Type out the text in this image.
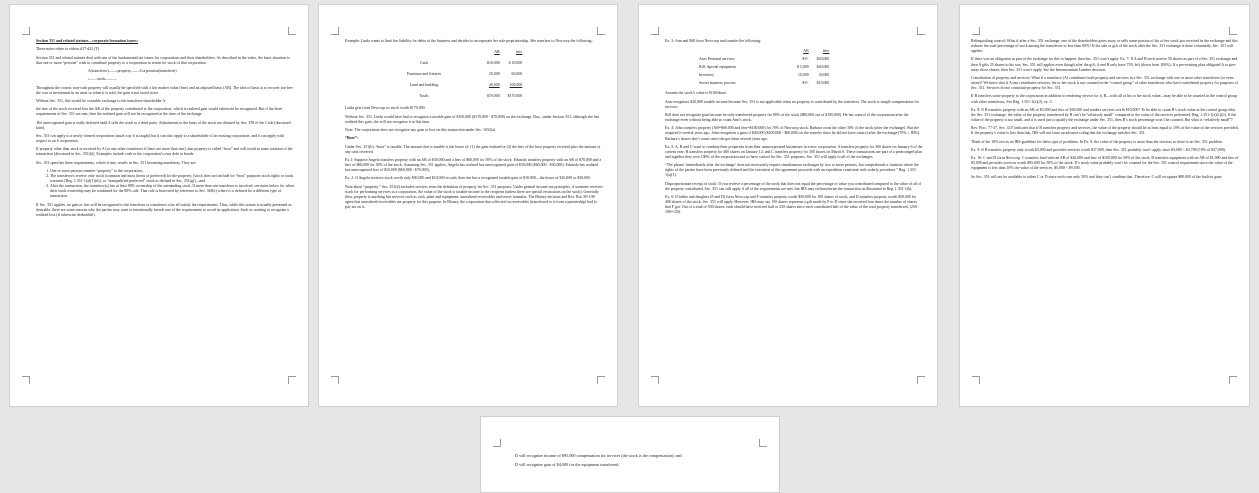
Section 351 and related statutes—corporate formation issues:

These notes relate to videos #17-#22 (T)

Section 351 and related statutes deal with one of the fundamental tax issues for corporations and their shareholders. As described in the video, the basic situation is that one or more “persons” wish to contribute property to a corporation in return for stock of that corporation.

A(transferor)——›property——›Corporation(transferee)

‹——stock———

Throughout the course, non-cash property will usually be specified with a fair market value (fmv) and an adjusted basis (AB). The idea of basis is to recover tax-free the cost or investment in an asset so when it is sold, the gain is not taxed twice.

Without Sec. 351, this would be a taxable exchange to the transferor-shareholder A:

the fmv of the stock received less the AB of the property contributed to the corporation, which is realized gain would otherwise be recognized. But if the three requirements of Sec. 351 are met, then the realized gain will not be recognized at the time of the exchange.

The unrecognized gain is really deferred until A sells the stock to a third party. Adjustments to the basis of the stock are dictated by Sec. 358 of the Code [discussed later].

Sec. 351 can apply to a newly formed corporation (usual way it is taught) but it can also apply to a shareholder of an existing corporation, and it can apply with respect to an S corporation.

If property other than stock is received by A (or any other transferors if there are more than one), that property is called “boot” and will result in some taxation of the transaction [discussed in Sec. 351(b)]. Examples include cash or the corporation’s own debt or bonds.

Sec. 351 specifies three requirements, which if met, results in Sec. 351 becoming mandatory. They are:

1. One or more persons transfer “property” to the corporation;
2. The transferor/s receive only stock (common and most forms of preferred) for the property; [stock does not include for “boot” purposes stock rights or stock warrants (Reg. 1.351-1(a)(1)(ii)), or “nonqualified preferred” stock as defined in Sec. 351(g)]—and
3. After the transaction, the transferor(s) has at least 80% ownership of the outstanding stock. If more than one transferor is involved, see notes below for when their stock ownership may be combined for the 80% rule. That rule is borrowed by reference to Sec. 368(c) where it is defined for a different type of transaction.

If Sec. 351 applies, no gain or loss will be recognized to the transferor or transferors who all satisfy the requirements. Thus, while this statute is usually presented as desirable, there are some reasons why the parties may want to intentionally breach one of the requirements to avoid its application. Such as wanting to recognize a realized loss (if otherwise deductible).

Example: Linda wants to limit her liability for debts of the business and decides to incorporate her sole proprietorship. She transfers to Newcorp the following:

	AB	fmv
Cash	$10,000	$ 10,000
Furniture and fixtures	20,000	60,000
Land and building	40,000	100,000
Totals	$70,000	$170,000

Linda gets from Newcorp its stock worth $170,000.

Without Sec. 351, Linda would have had to recognize a taxable gain of $100,000 ($170,000 - $70,000) on the exchange. But—under Section 351, although she has realized this gain, she will not recognize it at this time.

Note: The corporation does not recognize any gain or loss on this transaction under Sec. 1032(a).

“Boot”:

Under Sec. 351(b), “boot” is taxable. The amount that is taxable is the lesser of: (1) the gain realized or (2) the fmv of the boot property received plus the amount of any cash received.

Ex.1: Suppose Angela transfers property with an AB of $30,000 and a fmv of $60,000 for 50% of the stock. Eduardo transfers property with an AB of $70,000 and a fmv of $60,000 for 50% of the stock. Assuming Sec. 351 applies, Angela has realized but unrecognized gain of $30,000 ($60,000 - $30,000). Eduardo has realized but unrecognized loss of $10,000 ($60,000 - $70,000).

Ex. 2: If Angela receives stock worth only $50,000 and $10,000 in cash, then she has a recognized taxable gain of $10,000—the lesser of $10,000 or $30,000.

Note about “property:” Sec. 351(d) excludes services from the definition of property for Sec. 351 purposes. Under general income tax principles, if someone receives stock for performing services to a corporation, the value of the stock is taxable income to the recipient (unless there are special restrictions on the stock). Generally then, property is anything but services such as cash, plant and equipment, unrealized receivables and secret formulas. The Blonzy decision and Rev. Rul. 80-198 agree that unrealized receivables are property for this purpose. In Blonzy, the corporation that collected on receivables (transferred to it from a partnership) had to pay tax on it.

Ex. 3: Ann and Bill form Newcorp and transfer the following:

	AB	fmv
Ann: Personal services	$-0-	$20,000
Bill: Special equipment	$ 5,000	$40,000
Inventory	10,000	30,000
Secret business process	$-0-	$10,000

Assume the stock’s value is $100/share.

Ann recognizes $20,000 taxable income because Sec. 351 is not applicable when no property is contributed by the transferor. The stock is simple compensation for services.

Bill does not recognize gain because he only transferred property for 80% of the stock ($80,000 out of $100,000). He has control of the corporation after the exchange even without being able to count Ann’s stock.

Ex. 4: John transfers property (AB=$60,000 and fmv=$100,000) for 70% of Newcorp stock. Barbara owns the other 30% of the stock (after the exchange). But she acquired it several years ago. John recognizes a gain of $40,000 ($100,000 - $60,000) on the transfer since he did not have control after the exchange (70% < 80%). Barbara’s shares don’t count since she got them several years ago.

Ex. 5: A, B and C want to combine their properties from their unincorporated businesses in a new corporation. A transfers property for 300 shares on January 6 of the current year; B transfers property for 400 shares on January 12; and C transfers property for 300 shares on March 6. These transactions are part of a prearranged plan and together they own 100% of the corporation and so have control for Sec. 351 purposes. Sec. 351 will apply to all of the exchanges.

“The phrase ‘immediately after the exchange’ does not necessarily require simultaneous exchanges by two or more persons, but comprehends a situation where the rights of the parties have been previously defined and the execution of the agreement proceeds with an expedition consistent with orderly procedure.” Reg. 1.351-1(a)(1).

Disproportionate receipt of stock: If you receive a percentage of the stock that does not equal the percentage of value you contributed compared to the value of all of the property contributed, Sec. 351 can still apply if all of the requirements are met, but IRS may recharacterize the transaction as illustrated in Reg. 1.351-1(b).

Ex. 6: If father and daughter (F and D) form Newcorp and F transfers property worth $50,000 for 100 shares of stock, and D transfers property worth $50,000 for 400 shares of the stock, Sec. 351 will apply. However, IRS may say 150 shares represent a gift made by F to D since she received four times the number of shares that F got. Out of a total of 500 shares, each should have received half or 250 shares since each contributed half of the value of the total property transferred. (250 - 100=150).

Relinquishing control: What if after a Sec. 351 exchange, one of the shareholders gives away or sells some portion of his or her stock just received in the exchange and this reduces the total percentage of stock among the transferors to less than 80%? If the sale or gift of the stock after the Sec. 351 exchange is done voluntarily, Sec. 351 still applies.

If there was an obligation as part of the exchange for this to happen, then Sec. 351 won’t apply. Ex. 7: If A and B each receive 50 shares as part of a Sec. 351 exchange and then A gifts 25 shares to his son, Sec. 351 still applies even though after the gift, A and B only have 75% left (down from 100%). If a pre-existing plan obligated A to give away those shares, then Sec. 351 won’t apply. See the Intermountain Lumber decision.

Contribution of property and services: What if a transferor (A) contributes both property and services in a Sec. 351 exchange with one or more other transferors (or even alone)? We know that if A just contributes services, his or her stock is not counted in the “control group” of other transferors who have contributed property for purposes of Sec. 351. Services do not constitute property for Sec. 351.

If B transfers some property to the corporation in addition to rendering service for it, B—with all of his or her stock value—may be able to be counted in the control group with other transferors. See Reg. 1.351-1(a)(2), ex. 3.

Ex. 8: If B transfers property with an AB of $3,000 and fmv of $30,000 and renders services worth $10,000? To be able to count B’s stock value in the control group after the Sec. 351 exchange, the value of the property transferred by B can’t be “relatively small” compared to the value of the services performed. Reg. 1.351-1(a)(1)(ii). If the value of the property is too small, and it is used just to qualify the exchange under Sec. 351, then B’s stock percentage won’t be counted. But what is “relatively small”?

Rev. Proc. 77-37, Sec. 3.07 indicates that if B transfers property and services, the value of the property should be at least equal to 10% of the value of the services provided. If the property’s value is less than that, IRS will not issue an advance ruling that the exchange satisfies Sec. 351.

Think of the 10% test as an IRS guideline for these type of problems. In Ex. 8, the value of the property is more than the services so there is no Sec. 351 problem.

Ex. 9: If B transfers property only worth $3,000 and provides services worth $37,000, then Sec. 351 probably won’t apply since $3,000 < $3,700 (10% of $37,000).

Ex. 10: C and D form Newcorp. C transfers land with an AB of $20,000 and fmv of $100,000 for 50% of the stock. D transfers equipment with an AB of $1,000 and fmv of $5,000 and provides services worth $95,000 for 50% of the stock. D’s stock value probably won’t be counted for the Sec. 351 control requirement since the value of the equipment is less than 10% the value of the services. $5,000 < $9,500.

So Sec. 351 will not be available to either C or D since each own only 50% and they can’t combine that. Therefore: C will recognize $80,000 of the built-in gain;

D will recognize income of $95,000 compensation for services (the stock is the compensation); and

D will recognize gain of $4,000 for the equipment transferred.
